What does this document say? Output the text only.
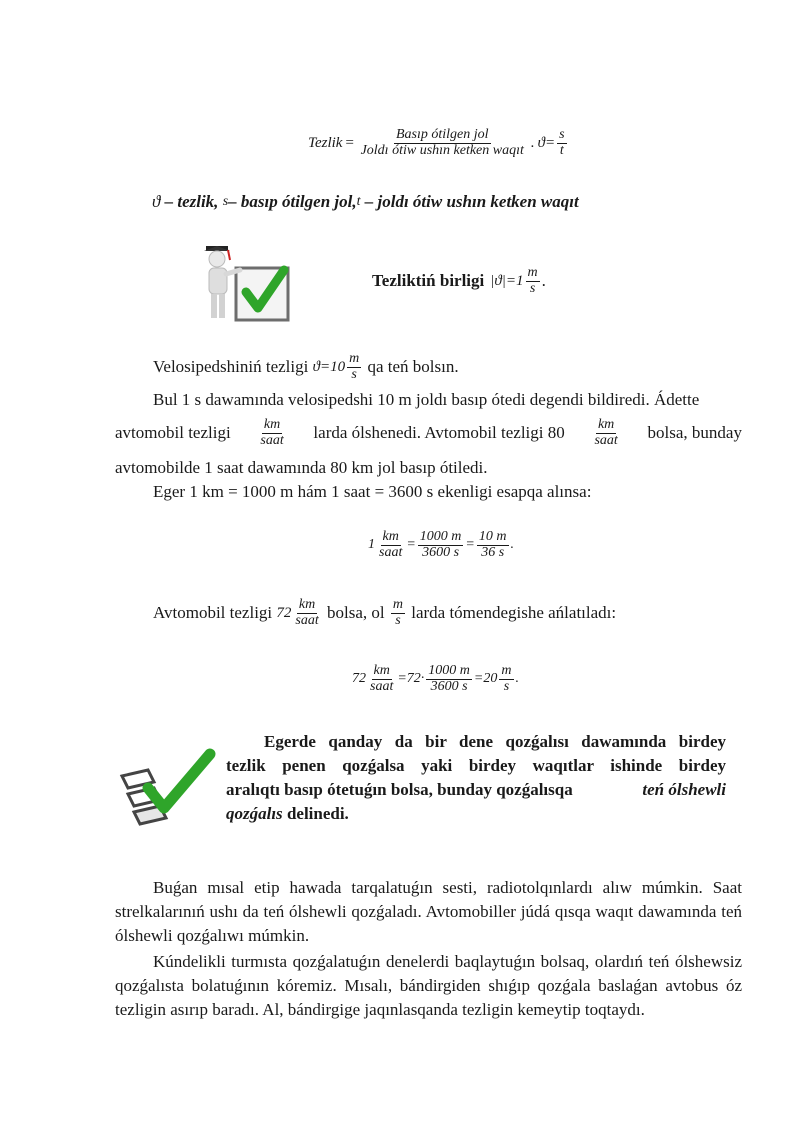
Tezlik = $\frac{\text{Basıp ótilgen jol}}{\text{Joldı ótiw ushın ketken waqıt}}$ . $ϑ = \frac{s}{t}$
ϑ – tezlik, s – basıp ótilgen jol, t – joldı ótiw ushın ketken waqıt
Tezliktiń birligi $|ϑ| =1 \frac{m}{s}$ .
Velosipedshiniń tezligi $ϑ=10 \frac{m}{s}$ qa teń bolsın.
Bul 1 s dawamında velosipedshi 10 m joldı basıp ótedi degendi bildiredi. Ádette
avtomobil tezligi $\frac{km}{\text{saat}}$ larda ólshenedi. Avtomobil tezligi $80 \frac{km}{\text{saat}}$ bolsa, bunday
avtomobilde 1 saat dawamında 80 km jol basıp ótiledi.
Eger 1 km = 1000 m hám 1 saat = 3600 s ekenligi esapqa alınsa:
$1 \frac{km}{\text{saat}} = \frac{1000 m}{3600 s} = \frac{10 m}{36 s}$ .
Avtomobil tezligi $72 \frac{km}{\text{saat}}$ bolsa, ol $\frac{m}{s}$ larda tómendegishe ańlatıladı:
$72 \frac{km}{\text{saat}} = 72\cdot \frac{1000 m}{3600 s} = 20 \frac{m}{s}$ .
Egerde qanday da bir dene qozǵalısı dawamında birdey
tezlik penen qozǵalsa yaki birdey waqıtlar ishinde birdey
aralıqtı basıp ótetuǵın bolsa, bunday qozǵalısqa	teń ólshewli
qozǵalıs delinedi.
Buǵan mısal etip hawada tarqalatuǵın sesti, radiotolqınlardı alıw múmkin. Saat strelkalarınıń ushı da teń ólshewli qozǵaladı. Avtomobiller júdá qısqa waqıt dawamında teń ólshewli qozǵalıwı múmkin.
Kúndelikli turmısta qozǵalatuǵın denelerdi baqlaytuǵın bolsaq, olardıń teń ólshewsiz qozǵalısta bolatuǵının kóremiz. Mısalı, bándirgiden shıǵıp qozǵala baslaǵan avtobus óz tezligin asırıp baradı. Al, bándirgige jaqınlasqanda tezligin kemeytip toqtaydı.
